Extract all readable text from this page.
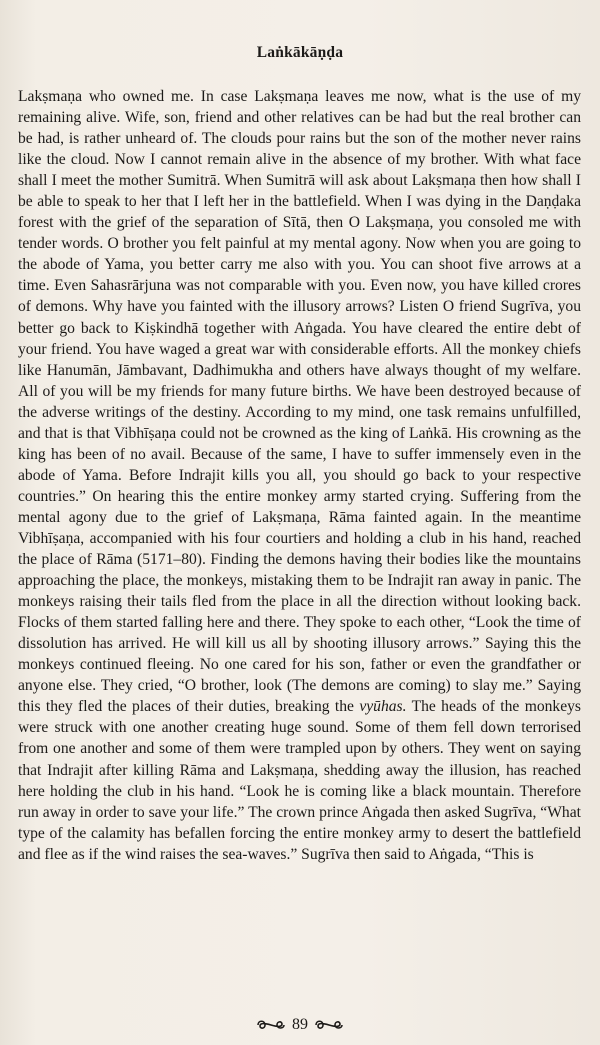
Laṅkākāṇḍa

Lakṣmaṇa who owned me. In case Lakṣmaṇa leaves me now, what is the use of my remaining alive. Wife, son, friend and other relatives can be had but the real brother can be had, is rather unheard of. The clouds pour rains but the son of the mother never rains like the cloud. Now I cannot remain alive in the absence of my brother. With what face shall I meet the mother Sumitrā. When Sumitrā will ask about Lakṣmaṇa then how shall I be able to speak to her that I left her in the battlefield. When I was dying in the Daṇḍaka forest with the grief of the separation of Sītā, then O Lakṣmaṇa, you consoled me with tender words. O brother you felt painful at my mental agony. Now when you are going to the abode of Yama, you better carry me also with you. You can shoot five arrows at a time. Even Sahasrārjuna was not comparable with you. Even now, you have killed crores of demons. Why have you fainted with the illusory arrows? Listen O friend Sugrīva, you better go back to Kiṣkindhā together with Aṅgada. You have cleared the entire debt of your friend. You have waged a great war with considerable efforts. All the monkey chiefs like Hanumān, Jāmbavant, Dadhimukha and others have always thought of my welfare. All of you will be my friends for many future births. We have been destroyed because of the adverse writings of the destiny. According to my mind, one task remains unfulfilled, and that is that Vibhīṣaṇa could not be crowned as the king of Laṅkā. His crowning as the king has been of no avail. Because of the same, I have to suffer immensely even in the abode of Yama. Before Indrajit kills you all, you should go back to your respective countries.” On hearing this the entire monkey army started crying. Suffering from the mental agony due to the grief of Lakṣmaṇa, Rāma fainted again. In the meantime Vibhīṣaṇa, accompanied with his four courtiers and holding a club in his hand, reached the place of Rāma (5171–80). Finding the demons having their bodies like the mountains approaching the place, the monkeys, mistaking them to be Indrajit ran away in panic. The monkeys raising their tails fled from the place in all the direction without looking back. Flocks of them started falling here and there. They spoke to each other, “Look the time of dissolution has arrived. He will kill us all by shooting illusory arrows.” Saying this the monkeys continued fleeing. No one cared for his son, father or even the grandfather or anyone else. They cried, “O brother, look (The demons are coming) to slay me.” Saying this they fled the places of their duties, breaking the vyūhas. The heads of the monkeys were struck with one another creating huge sound. Some of them fell down terrorised from one another and some of them were trampled upon by others. They went on saying that Indrajit after killing Rāma and Lakṣmaṇa, shedding away the illusion, has reached here holding the club in his hand. “Look he is coming like a black mountain. Therefore run away in order to save your life.” The crown prince Aṅgada then asked Sugrīva, “What type of the calamity has befallen forcing the entire monkey army to desert the battlefield and flee as if the wind raises the sea-waves.” Sugrīva then said to Aṅgada, “This is

89
